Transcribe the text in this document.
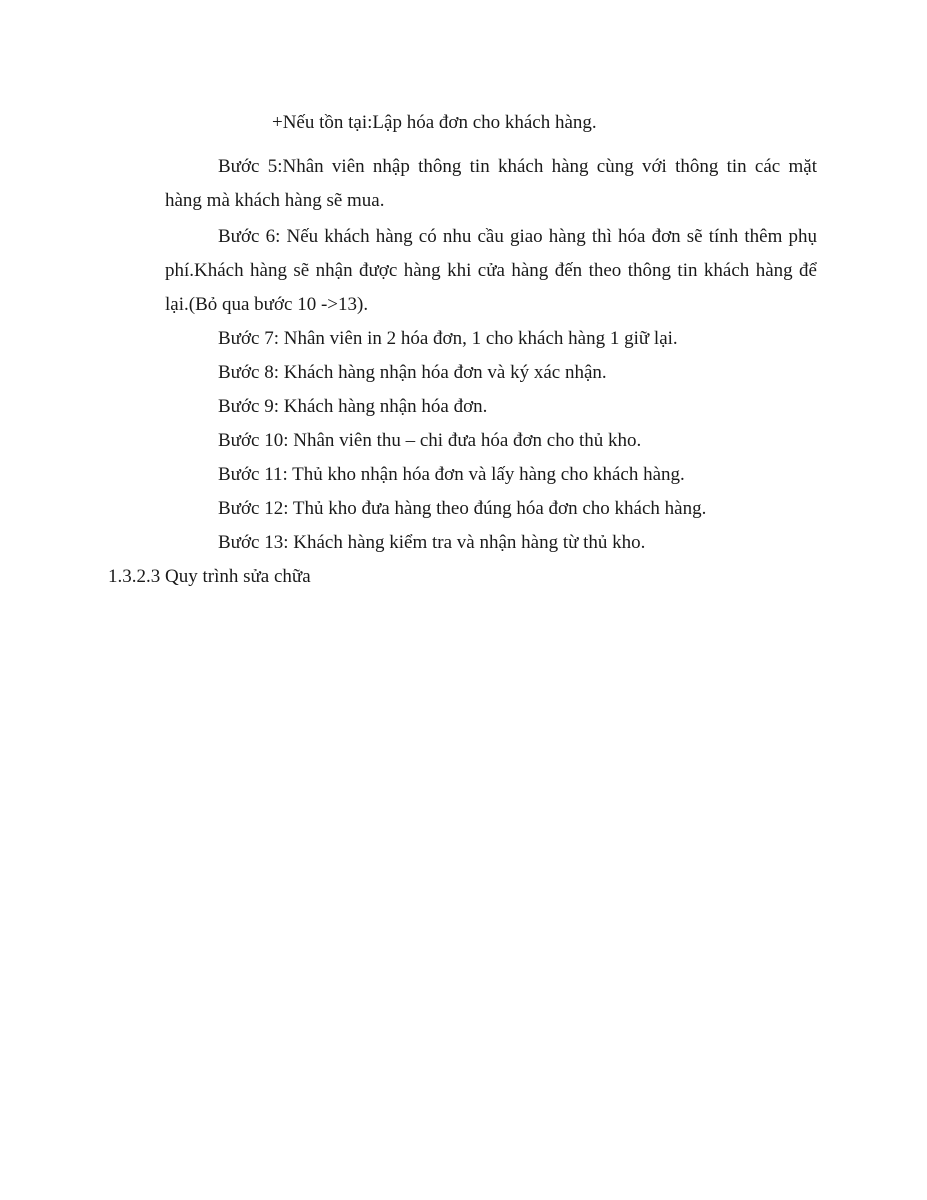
+Nếu tồn tại:Lập hóa đơn cho khách hàng.
Bước 5:Nhân viên nhập thông tin khách hàng cùng với thông tin các mặt
hàng mà khách hàng sẽ mua.
Bước 6: Nếu khách hàng có nhu cầu giao hàng thì hóa đơn sẽ tính thêm phụ
phí.Khách hàng sẽ nhận được hàng khi cửa hàng đến theo thông tin khách hàng để
lại.(Bỏ qua bước 10 ->13).
Bước 7: Nhân viên in 2 hóa đơn, 1 cho khách hàng 1 giữ lại.
Bước 8: Khách hàng nhận hóa đơn và ký xác nhận.
Bước 9: Khách hàng nhận hóa đơn.
Bước 10: Nhân viên thu – chi đưa hóa đơn cho thủ kho.
Bước 11: Thủ kho nhận hóa đơn và lấy hàng cho khách hàng.
Bước 12: Thủ kho đưa hàng theo đúng hóa đơn cho khách hàng.
Bước 13: Khách hàng kiểm tra và nhận hàng từ thủ kho.
1.3.2.3 Quy trình sửa chữa
